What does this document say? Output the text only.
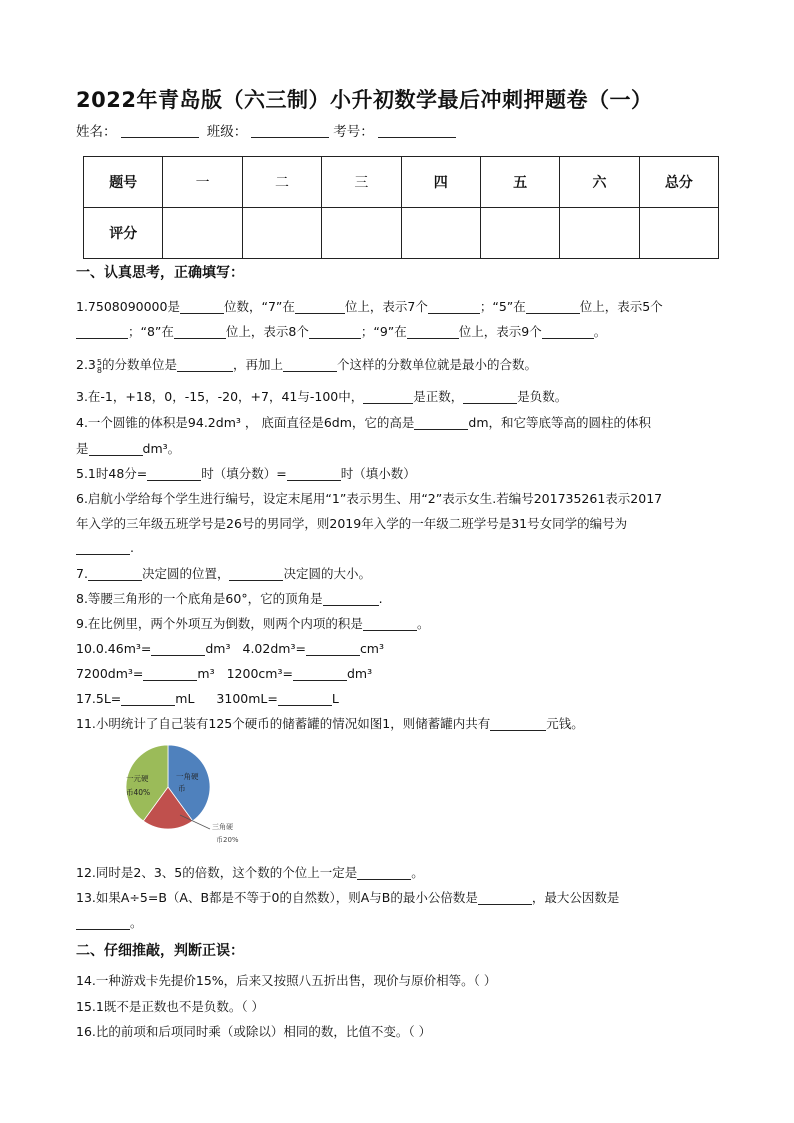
2022年青岛版（六三制）小升初数学最后冲刺押题卷（一）
姓名：	班级：	考号：
题号	一	二	三	四	五	六	总分
评分							
一、认真思考，正确填写：
1.7508090000是	位数，“7”在	位上，表示7个	；“5”在	位上，表示5个
；“8”在	位上，表示8个	；“9”在	位上，表示9个	。
2.3 5
8 的分数单位是	，再加上	个这样的分数单位就是最小的合数。
3.在-1，+18，0，-15，-20，+7，41与-100中，	是正数，	是负数。
4.一个圆锥的体积是94.2dm³ ， 底面直径是6dm，它的高是	dm，和它等底等高的圆柱的体积
是	dm³。
5.1时48分=	时（填分数）=	时（填小数）
6.启航小学给每个学生进行编号，设定末尾用“1”表示男生、用“2”表示女生.若编号201735261表示2017
年入学的三年级五班学号是26号的男同学，则2019年入学的一年级二班学号是31号女同学的编号为
.
7.	决定圆的位置，	决定圆的大小。
8.等腰三角形的一个底角是60°，它的顶角是	.
9.在比例里，两个外项互为倒数，则两个内项的积是	。
10.0.46m³=	dm³ 4.02dm³=	cm³
7200dm³=	m³ 1200cm³=	dm³
17.5L=	mL 3100mL=	L
11.小明统计了自己装有125个硬币的储蓄罐的情况如图1，则储蓄罐内共有	元钱。
一角硬
币
一元硬
币40%
三角硬
币20%
12.同时是2、3、5的倍数，这个数的个位上一定是	。
13.如果A÷5=B（A、B都是不等于0的自然数），则A与B的最小公倍数是	，最大公因数是
。
二、仔细推敲，判断正误：
14.一种游戏卡先提价15%，后来又按照八五折出售，现价与原价相等。（ ）
15.1既不是正数也不是负数。（ ）
16.比的前项和后项同时乘（或除以）相同的数，比值不变。（ ）
